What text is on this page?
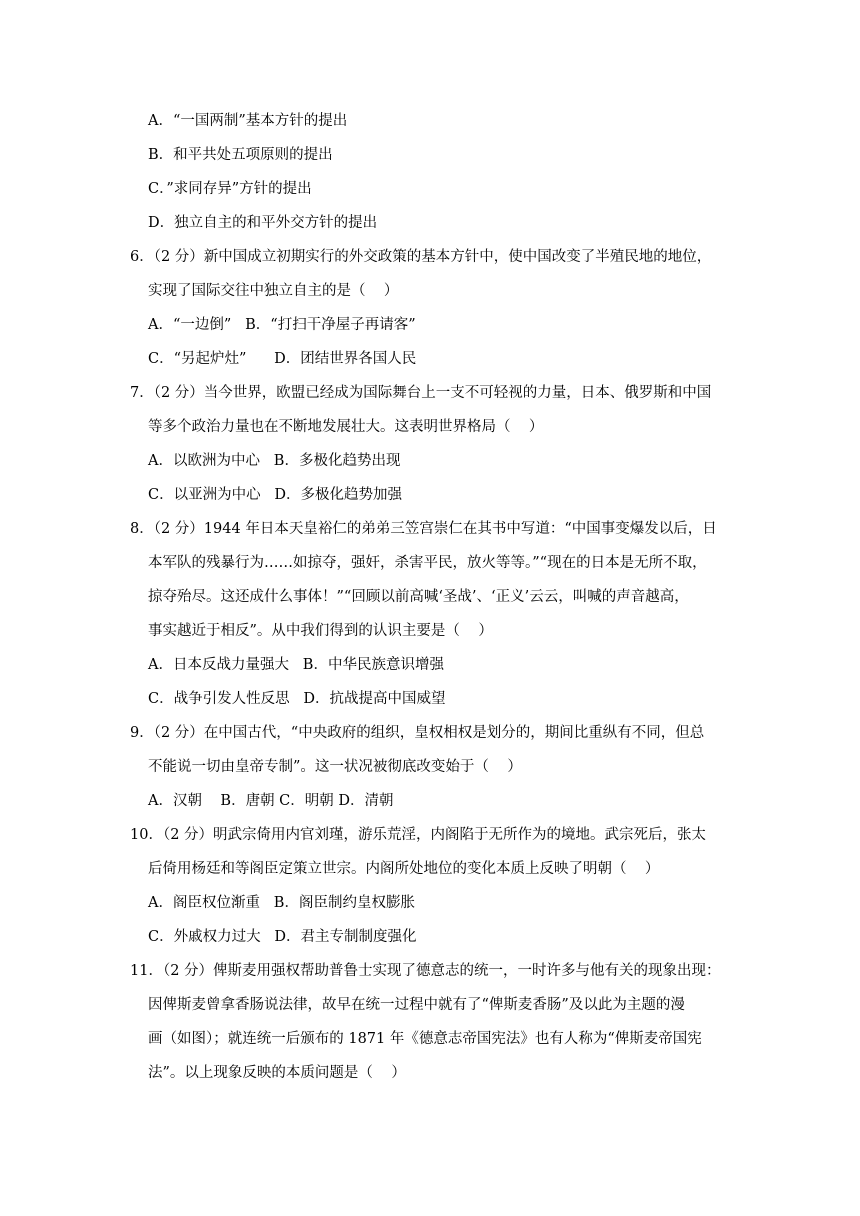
A．“一国两制”基本方针的提出
B．和平共处五项原则的提出
C．”求同存异”方针的提出
D．独立自主的和平外交方针的提出
6．（2 分）新中国成立初期实行的外交政策的基本方针中，使中国改变了半殖民地的地位，
实现了国际交往中独立自主的是（    ）
A．“一边倒”   B．“打扫干净屋子再请客”
C．“另起炉灶”      D．团结世界各国人民
7．（2 分）当今世界，欧盟已经成为国际舞台上一支不可轻视的力量，日本、俄罗斯和中国
等多个政治力量也在不断地发展壮大。这表明世界格局（    ）
A．以欧洲为中心   B．多极化趋势出现
C．以亚洲为中心   D．多极化趋势加强
8．（2 分）1944 年日本天皇裕仁的弟弟三笠宫崇仁在其书中写道：“中国事变爆发以后，日
本军队的残暴行为……如掠夺，强奸，杀害平民，放火等等。”“现在的日本是无所不取，
掠夺殆尽。这还成什么事体！”“回顾以前高喊‘圣战’、‘正义’云云，叫喊的声音越高，
事实越近于相反”。从中我们得到的认识主要是（    ）
A．日本反战力量强大   B．中华民族意识增强
C．战争引发人性反思   D．抗战提高中国威望
9．（2 分）在中国古代，“中央政府的组织，皇权相权是划分的，期间比重纵有不同，但总
不能说一切由皇帝专制”。这一状况被彻底改变始于（    ）
A．汉朝    B．唐朝 C．明朝 D．清朝
10．（2 分）明武宗倚用内官刘瑾，游乐荒淫，内阁陷于无所作为的境地。武宗死后，张太
后倚用杨廷和等阁臣定策立世宗。内阁所处地位的变化本质上反映了明朝（    ）
A．阁臣权位渐重   B．阁臣制约皇权膨胀
C．外戚权力过大   D．君主专制制度强化
11．（2 分）俾斯麦用强权帮助普鲁士实现了德意志的统一，一时许多与他有关的现象出现：
因俾斯麦曾拿香肠说法律，故早在统一过程中就有了“俾斯麦香肠”及以此为主题的漫
画（如图）；就连统一后颁布的 1871 年《德意志帝国宪法》也有人称为“俾斯麦帝国宪
法”。以上现象反映的本质问题是（    ）
